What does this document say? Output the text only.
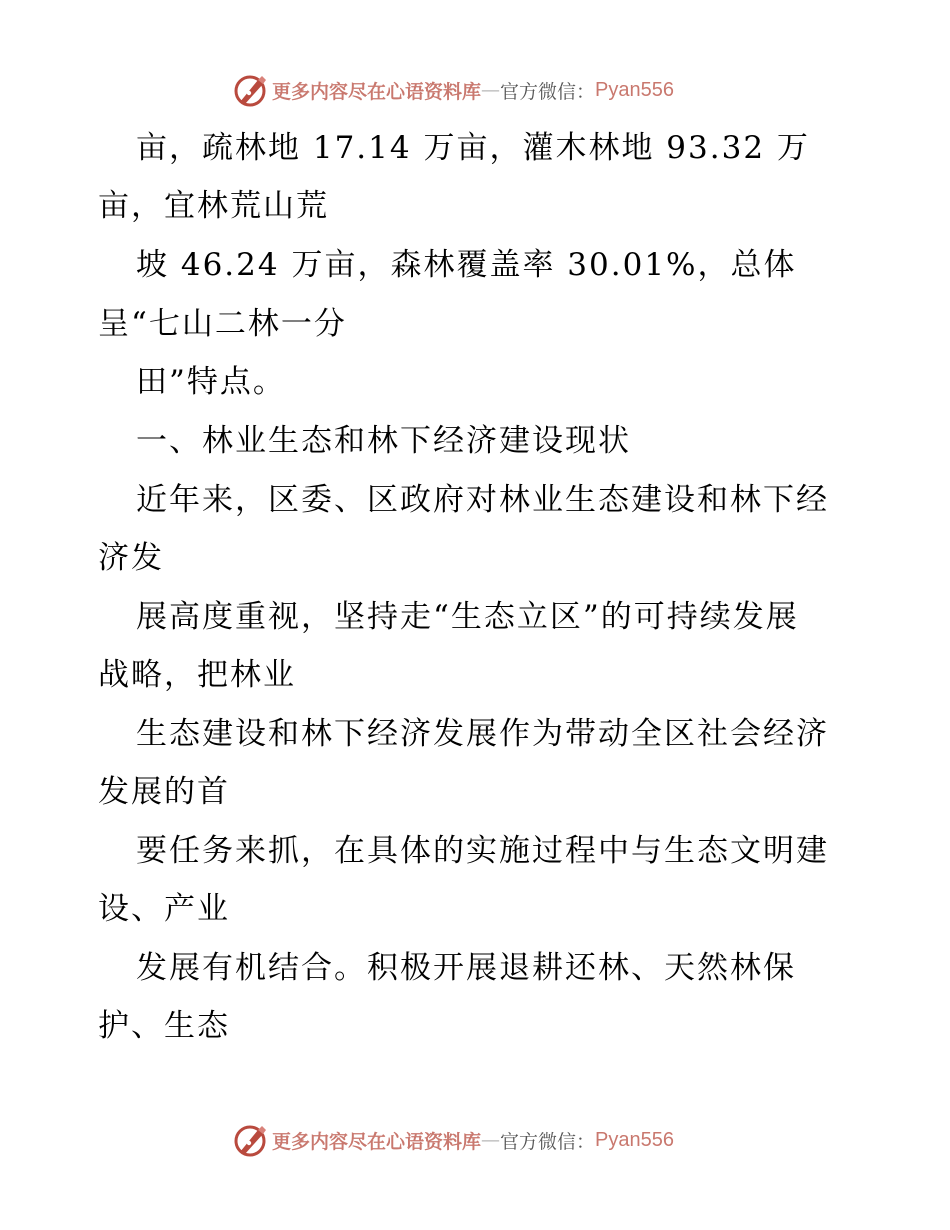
更多内容尽在心语资料库 — 官方微信： Pyan556
亩，疏林地 17.14 万亩，灌木林地 93.32 万
亩，宜林荒山荒
坡 46.24 万亩，森林覆盖率 30.01%，总体
呈“七山二林一分
田”特点。
一、林业生态和林下经济建设现状
近年来，区委、区政府对林业生态建设和林下经
济发
展高度重视，坚持走“生态立区”的可持续发展
战略，把林业
生态建设和林下经济发展作为带动全区社会经济
发展的首
要任务来抓，在具体的实施过程中与生态文明建
设、产业
发展有机结合。积极开展退耕还林、天然林保
护、生态
更多内容尽在心语资料库 — 官方微信： Pyan556
